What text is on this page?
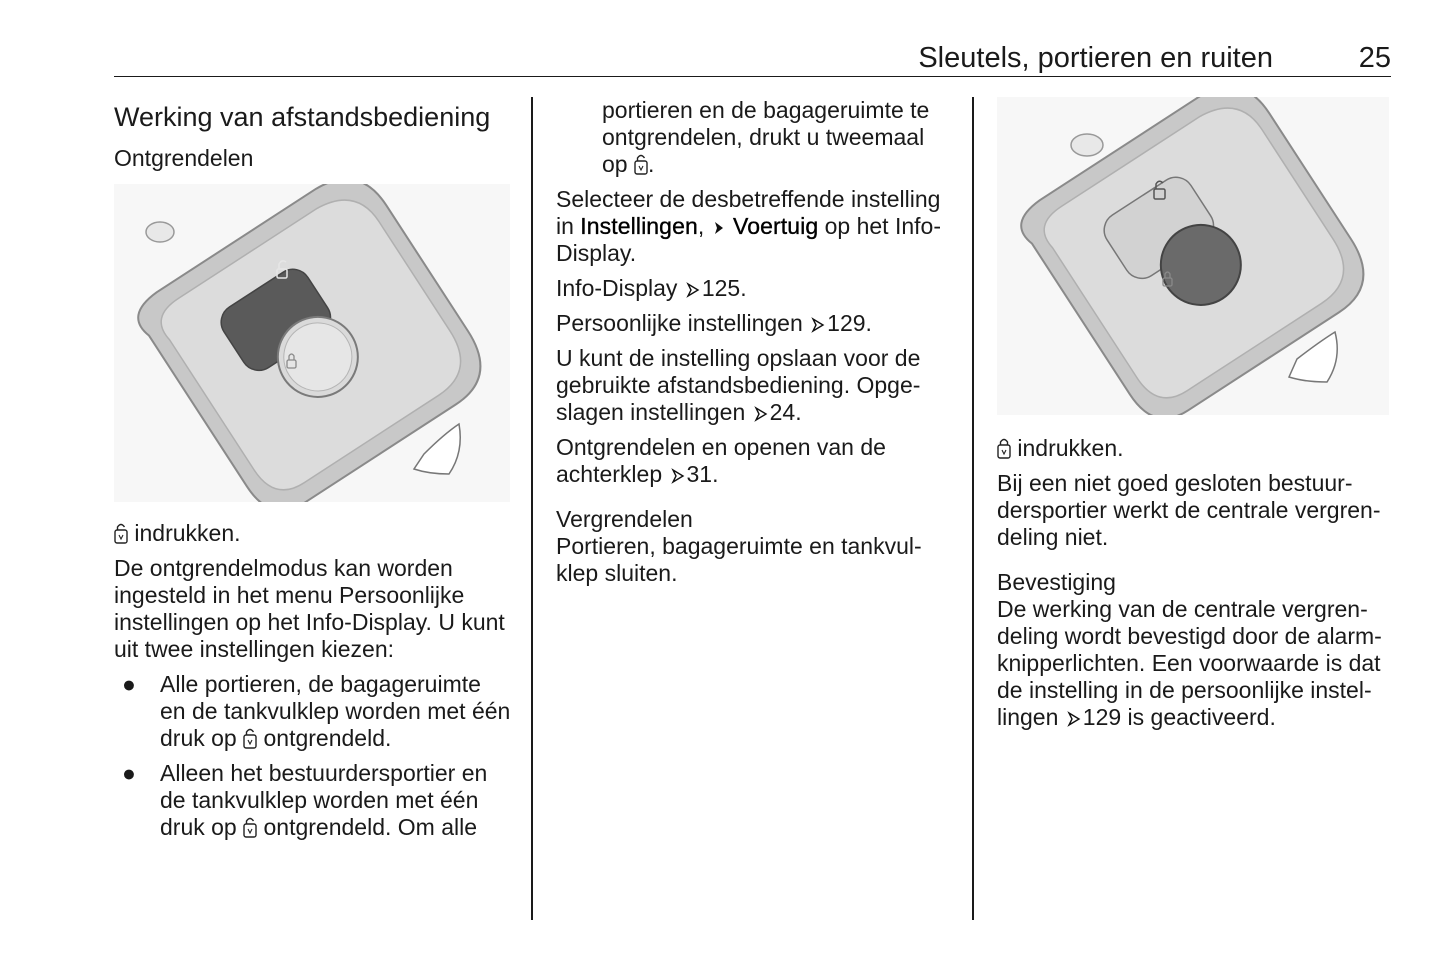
Sleutels, portieren en ruiten	25
Werking van afstandsbediening
Ontgrendelen

indrukken.

De ontgrendelmodus kan worden ingesteld in het menu Persoonlijke instellingen op het Info-Display. U kunt uit twee instellingen kiezen:

● Alle portieren, de bagageruimte en de tankvulklep worden met één druk op ontgrendeld.
● Alleen het bestuurdersportier en de tankvulklep worden met één druk op ontgrendeld. Om alle

portieren en de bagageruimte te ontgrendelen, drukt u tweemaal op .

Selecteer de desbetreffende instelling in Instellingen, Voertuig op het Info-Display.

Info-Display 125.

Persoonlijke instellingen 129.

U kunt de instelling opslaan voor de gebruikte afstandsbediening. Opgeslagen instellingen 24.

Ontgrendelen en openen van de achterklep 31.

Vergrendelen

Portieren, bagageruimte en tankvulklep sluiten.

indrukken.

Bij een niet goed gesloten bestuurdersportier werkt de centrale vergrendeling niet.

Bevestiging

De werking van de centrale vergrendeling wordt bevestigd door de alarmknipperlichten. Een voorwaarde is dat de instelling in de persoonlijke instellingen 129 is geactiveerd.
